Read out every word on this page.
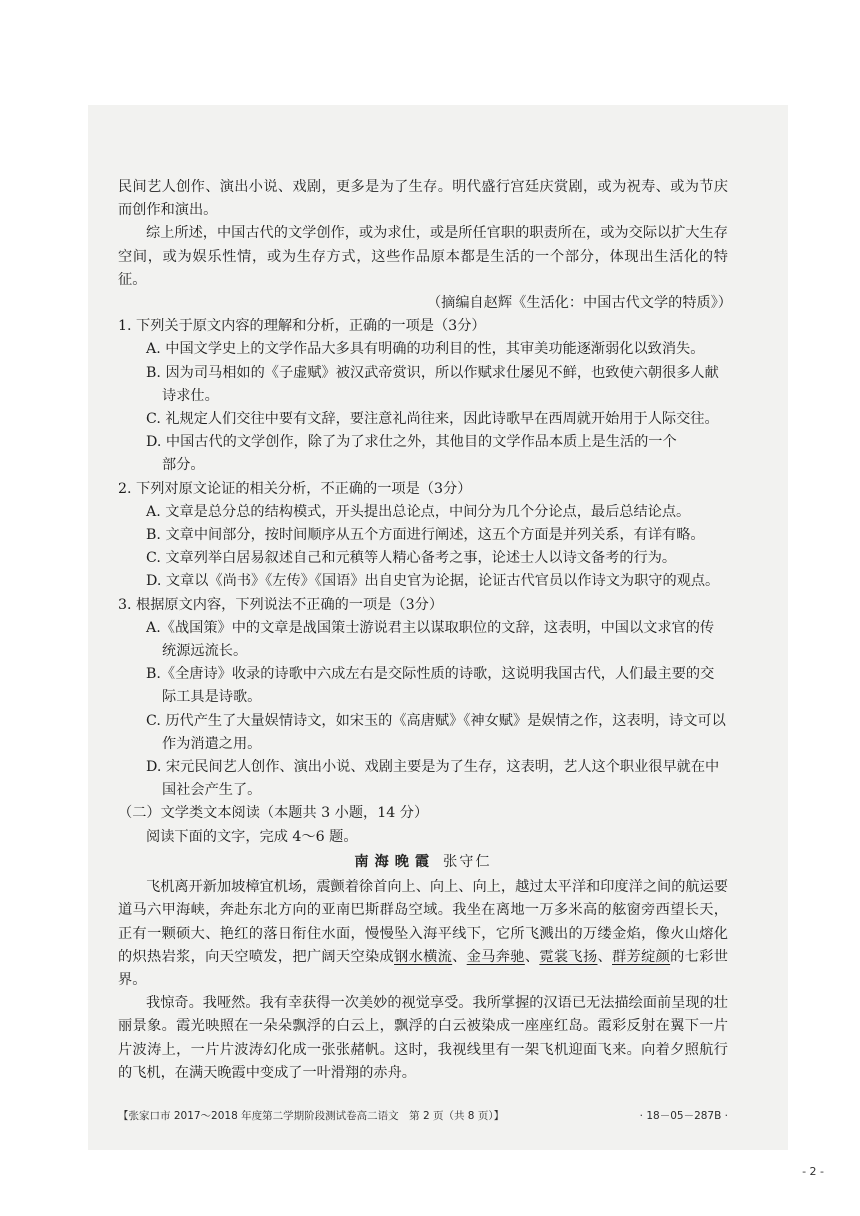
民间艺人创作、演出小说、戏剧，更多是为了生存。明代盛行宫廷庆赏剧，或为祝寿、或为节庆而创作和演出。

综上所述，中国古代的文学创作，或为求仕，或是所任官职的职责所在，或为交际以扩大生存空间，或为娱乐性情，或为生存方式，这些作品原本都是生活的一个部分，体现出生活化的特征。

（摘编自赵辉《生活化：中国古代文学的特质》）

1. 下列关于原文内容的理解和分析，正确的一项是（3分）

A. 中国文学史上的文学作品大多具有明确的功利目的性，其审美功能逐渐弱化以致消失。

B. 因为司马相如的《子虚赋》被汉武帝赏识，所以作赋求仕屡见不鲜，也致使六朝很多人献
诗求仕。

C. 礼规定人们交往中要有文辞，要注意礼尚往来，因此诗歌早在西周就开始用于人际交往。

D. 中国古代的文学创作，除了为了求仕之外，其他目的文学作品本质上是生活的一个
部分。

2. 下列对原文论证的相关分析，不正确的一项是（3分）

A. 文章是总分总的结构模式，开头提出总论点，中间分为几个分论点，最后总结论点。

B. 文章中间部分，按时间顺序从五个方面进行阐述，这五个方面是并列关系，有详有略。

C. 文章列举白居易叙述自己和元稹等人精心备考之事，论述士人以诗文备考的行为。

D. 文章以《尚书》《左传》《国语》出自史官为论据，论证古代官员以作诗文为职守的观点。

3. 根据原文内容，下列说法不正确的一项是（3分）

A.《战国策》中的文章是战国策士游说君主以谋取职位的文辞，这表明，中国以文求官的传
统源远流长。

B.《全唐诗》收录的诗歌中六成左右是交际性质的诗歌，这说明我国古代，人们最主要的交
际工具是诗歌。

C. 历代产生了大量娱情诗文，如宋玉的《高唐赋》《神女赋》是娱情之作，这表明，诗文可以
作为消遣之用。

D. 宋元民间艺人创作、演出小说、戏剧主要是为了生存，这表明，艺人这个职业很早就在中
国社会产生了。

（二）文学类文本阅读（本题共 3 小题，14 分）

阅读下面的文字，完成 4～6 题。

南海晚霞 张守仁

飞机离开新加坡樟宜机场，震颤着徐首向上、向上、向上，越过太平洋和印度洋之间的航运要道马六甲海峡，奔赴东北方向的亚南巴斯群岛空域。我坐在离地一万多米高的舷窗旁西望长天，正有一颗硕大、艳红的落日衔住水面，慢慢坠入海平线下，它所飞溅出的万缕金焰，像火山熔化的炽热岩浆，向天空喷发，把广阔天空染成钢水横流、金马奔驰、霓裳飞扬、群芳绽颜的七彩世界。

我惊奇。我哑然。我有幸获得一次美妙的视觉享受。我所掌握的汉语已无法描绘面前呈现的壮丽景象。霞光映照在一朵朵飘浮的白云上，飘浮的白云被染成一座座红岛。霞彩反射在翼下一片片波涛上，一片片波涛幻化成一张张赭帆。这时，我视线里有一架飞机迎面飞来。向着夕照航行的飞机，在满天晚霞中变成了一叶滑翔的赤舟。

【张家口市 2017～2018 年度第二学期阶段测试卷高二语文　第 2 页（共 8 页）】	· 18－05－287B ·
- 2 -
